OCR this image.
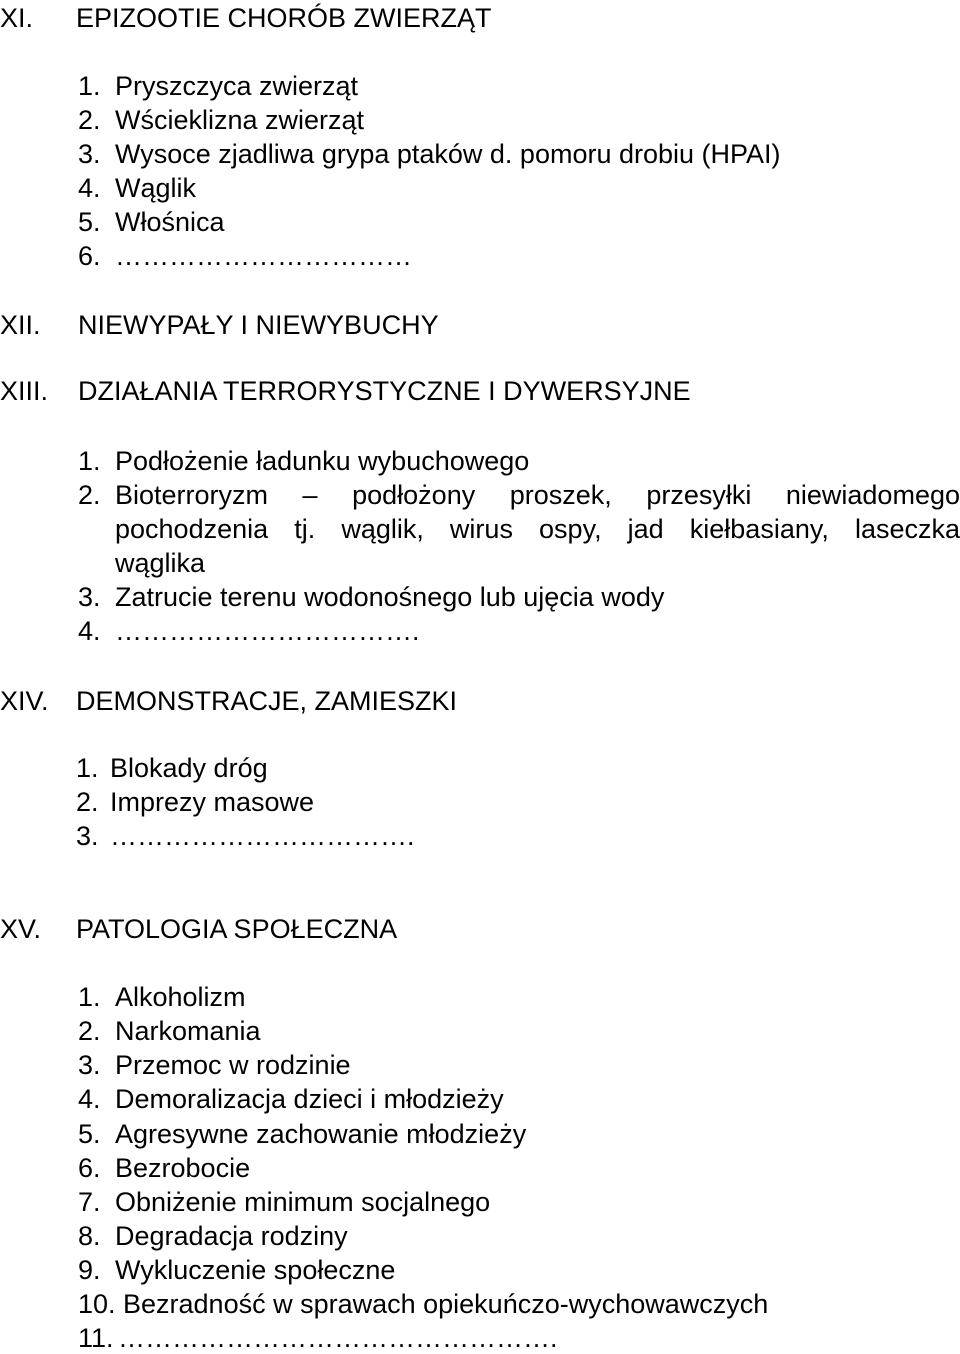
XI. EPIZOOTIE CHORÓB ZWIERZĄT
1. Pryszczyca zwierząt
2. Wścieklizna zwierząt
3. Wysoce zjadliwa grypa ptaków d. pomoru drobiu (HPAI)
4. Wąglik
5. Włośnica
6. ……………………………
XII. NIEWYPAŁY I NIEWYBUCHY
XIII. DZIAŁANIA TERRORYSTYCZNE I DYWERSYJNE
1. Podłożenie ładunku wybuchowego
2. Bioterroryzm – podłożony proszek, przesyłki niewiadomego
pochodzenia tj. wąglik, wirus ospy, jad kiełbasiany, laseczka
wąglika
3. Zatrucie terenu wodonośnego lub ujęcia wody
4. …………………………….
XIV. DEMONSTRACJE, ZAMIESZKI
1. Blokady dróg
2. Imprezy masowe
3. …………………………….
XV. PATOLOGIA SPOŁECZNA
1. Alkoholizm
2. Narkomania
3. Przemoc w rodzinie
4. Demoralizacja dzieci i młodzieży
5. Agresywne zachowanie młodzieży
6. Bezrobocie
7. Obniżenie minimum socjalnego
8. Degradacja rodziny
9. Wykluczenie społeczne
10. Bezradność w sprawach opiekuńczo-wychowawczych
11. ………………………………………….
